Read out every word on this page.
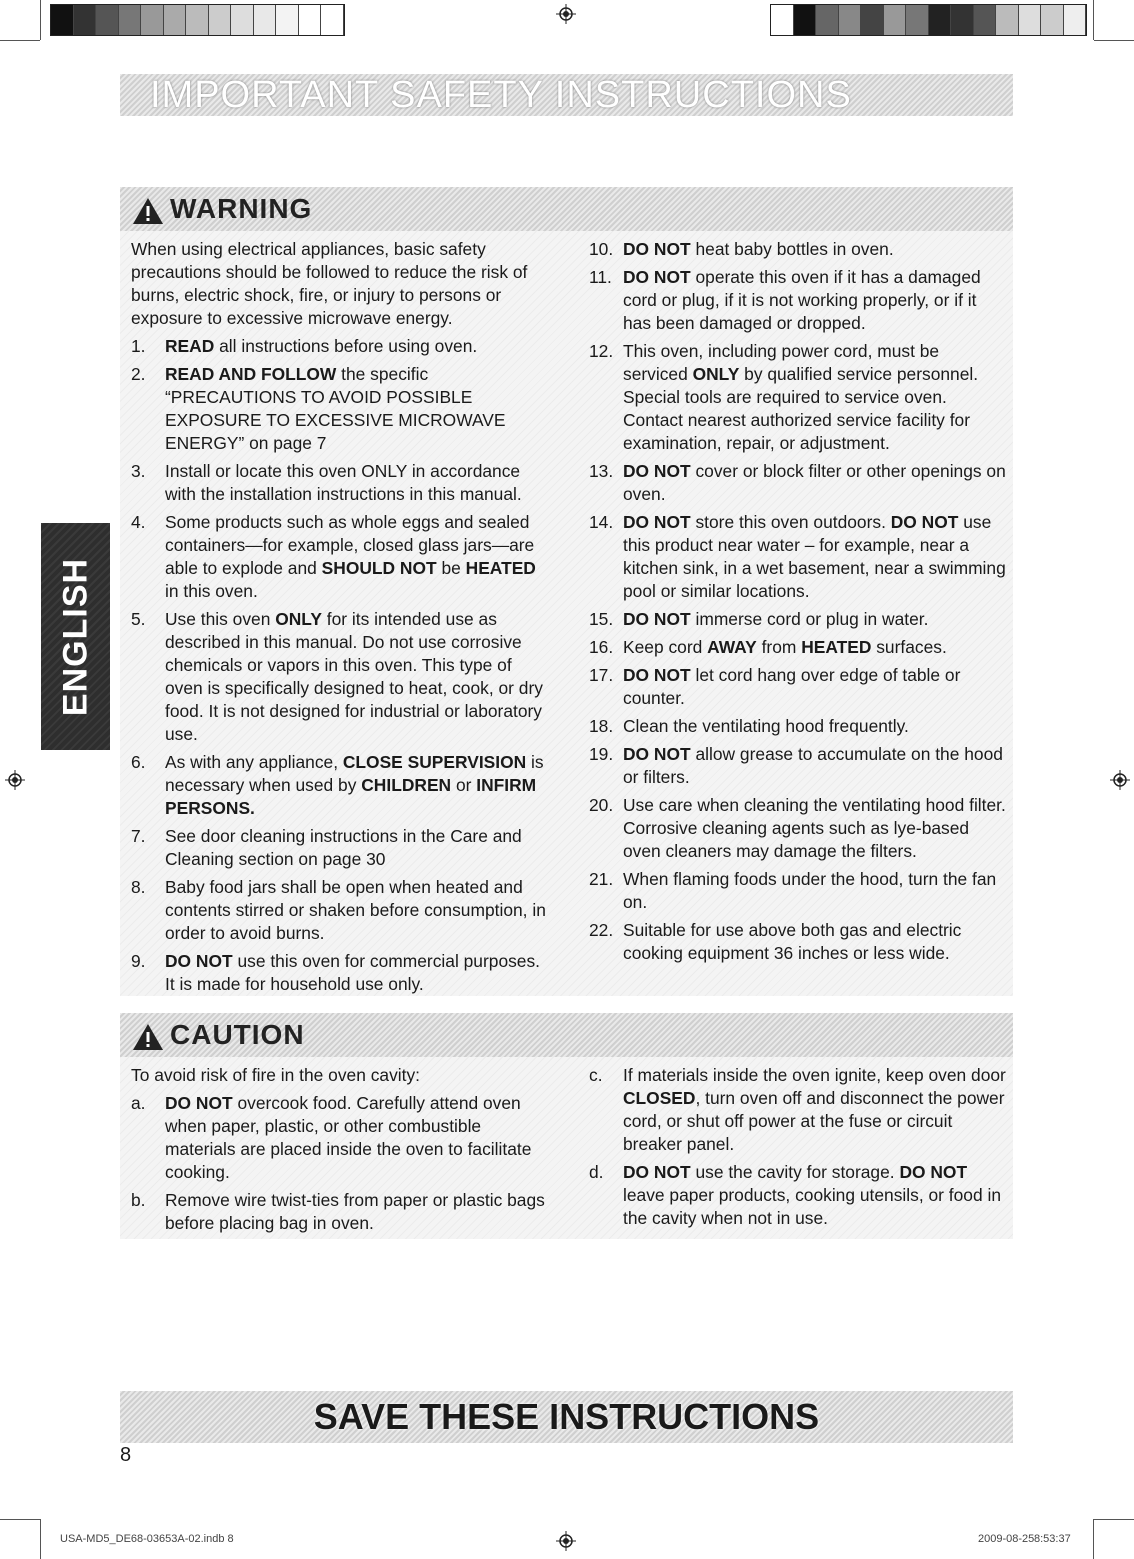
IMPORTANT SAFETY INSTRUCTIONS
ENGLISH
WARNING

When using electrical appliances, basic safety precautions should be followed to reduce the risk of burns, electric shock, fire, or injury to persons or exposure to excessive microwave energy.

1.	READ all instructions before using oven.
2.	READ AND FOLLOW the specific “PRECAUTIONS TO AVOID POSSIBLE EXPOSURE TO EXCESSIVE MICROWAVE ENERGY” on page 7
3.	Install or locate this oven ONLY in accordance with the installation instructions in this manual.
4.	Some products such as whole eggs and sealed containers—for example, closed glass jars—are able to explode and SHOULD NOT be HEATED in this oven.
5.	Use this oven ONLY for its intended use as described in this manual. Do not use corrosive chemicals or vapors in this oven. This type of oven is specifically designed to heat, cook, or dry food. It is not designed for industrial or laboratory use.
6.	As with any appliance, CLOSE SUPERVISION is necessary when used by CHILDREN or INFIRM PERSONS.
7.	See door cleaning instructions in the Care and Cleaning section on page 30
8.	Baby food jars shall be open when heated and contents stirred or shaken before consumption, in order to avoid burns.
9.	DO NOT use this oven for commercial purposes. It is made for household use only.
10. DO NOT heat baby bottles in oven.
11. DO NOT operate this oven if it has a damaged cord or plug, if it is not working properly, or if it has been damaged or dropped.
12. This oven, including power cord, must be serviced ONLY by qualified service personnel. Special tools are required to service oven. Contact nearest authorized service facility for examination, repair, or adjustment.
13. DO NOT cover or block filter or other openings on oven.
14. DO NOT store this oven outdoors. DO NOT use this product near water – for example, near a kitchen sink, in a wet basement, near a swimming pool or similar locations.
15. DO NOT immerse cord or plug in water.
16. Keep cord AWAY from HEATED surfaces.
17. DO NOT let cord hang over edge of table or counter.
18. Clean the ventilating hood frequently.
19. DO NOT allow grease to accumulate on the hood or filters.
20. Use care when cleaning the ventilating hood filter. Corrosive cleaning agents such as lye-based oven cleaners may damage the filters.
21. When flaming foods under the hood, turn the fan on.
22. Suitable for use above both gas and electric cooking equipment 36 inches or less wide.
CAUTION

To avoid risk of fire in the oven cavity:

a.	DO NOT overcook food. Carefully attend oven when paper, plastic, or other combustible materials are placed inside the oven to facilitate cooking.
b.	Remove wire twist-ties from paper or plastic bags before placing bag in oven.
c.	If materials inside the oven ignite, keep oven door CLOSED, turn oven off and disconnect the power cord, or shut off power at the fuse or circuit breaker panel.
d.	DO NOT use the cavity for storage. DO NOT leave paper products, cooking utensils, or food in the cavity when not in use.
SAVE THESE INSTRUCTIONS
8
USA-MD5_DE68-03653A-02.indb 8	2009-08-25 8:53:37
